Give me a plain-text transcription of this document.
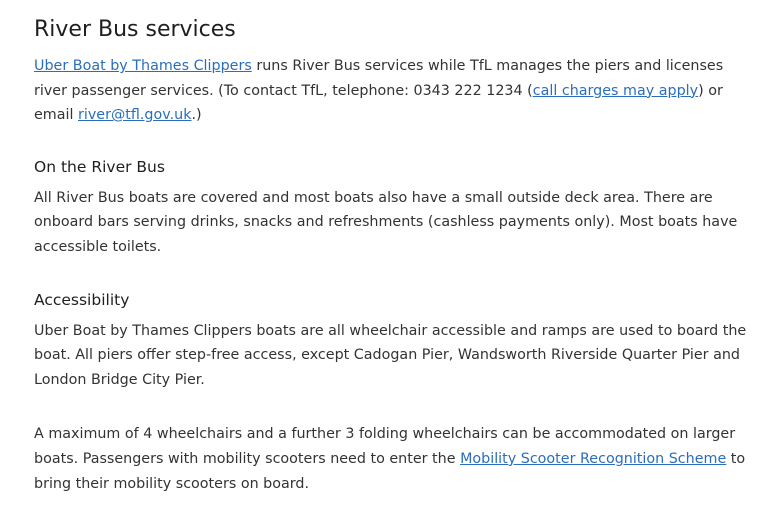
River Bus services

Uber Boat by Thames Clippers runs River Bus services while TfL manages the piers and licenses river passenger services. (To contact TfL, telephone: 0343 222 1234 (call charges may apply) or email river@tfl.gov.uk.)

On the River Bus

All River Bus boats are covered and most boats also have a small outside deck area. There are onboard bars serving drinks, snacks and refreshments (cashless payments only). Most boats have accessible toilets.

Accessibility

Uber Boat by Thames Clippers boats are all wheelchair accessible and ramps are used to board the boat. All piers offer step-free access, except Cadogan Pier, Wandsworth Riverside Quarter Pier and London Bridge City Pier.

A maximum of 4 wheelchairs and a further 3 folding wheelchairs can be accommodated on larger boats. Passengers with mobility scooters need to enter the Mobility Scooter Recognition Scheme to bring their mobility scooters on board.
